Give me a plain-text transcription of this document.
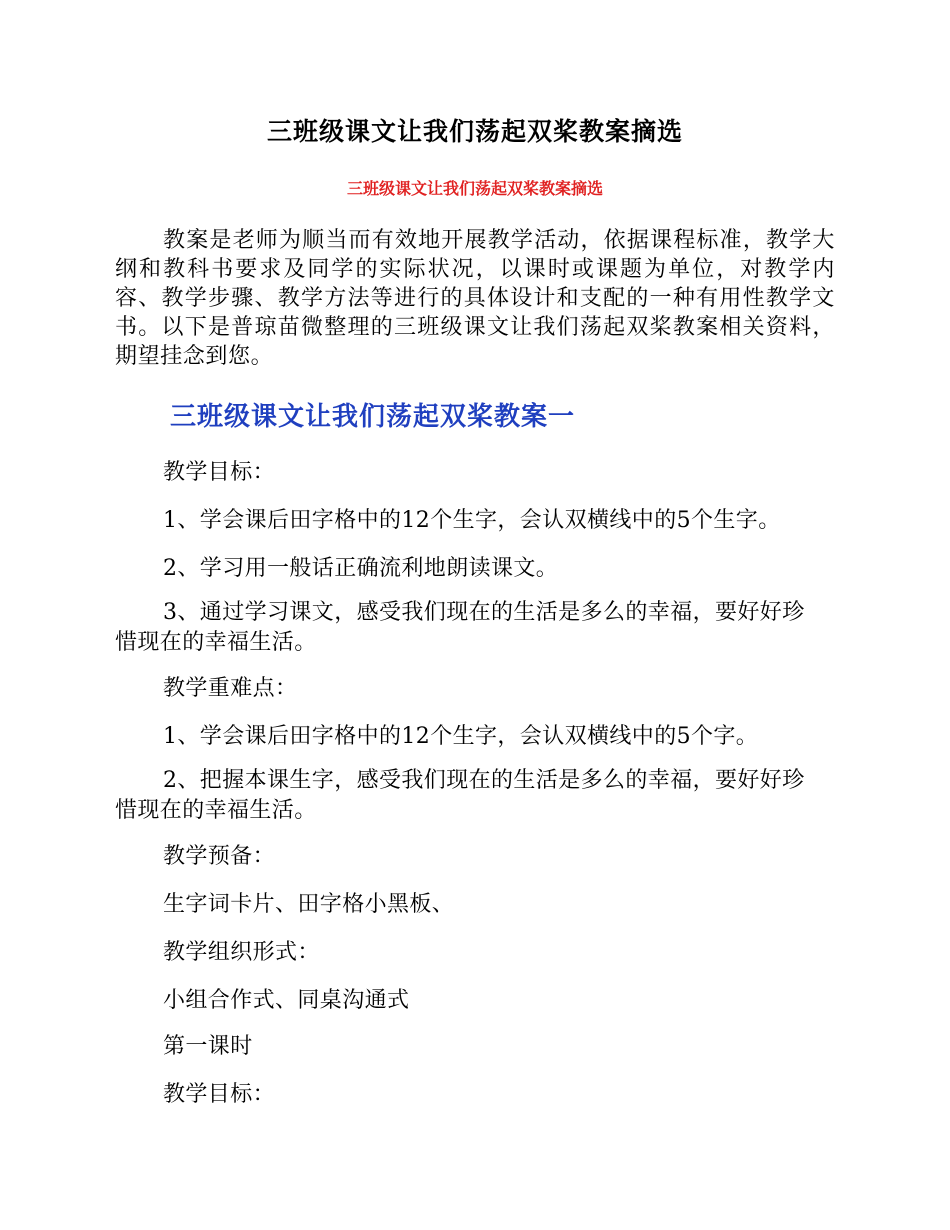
三班级课文让我们荡起双桨教案摘选
三班级课文让我们荡起双桨教案摘选

教案是老师为顺当而有效地开展教学活动，依据课程标准，教学大纲和教科书要求及同学的实际状况，以课时或课题为单位，对教学内容、教学步骤、教学方法等进行的具体设计和支配的一种有用性教学文书。以下是普琼苗微整理的三班级课文让我们荡起双桨教案相关资料，期望挂念到您。

三班级课文让我们荡起双桨教案一

教学目标：

1、学会课后田字格中的12个生字，会认双横线中的5个生字。

2、学习用一般话正确流利地朗读课文。

3、通过学习课文，感受我们现在的生活是多么的幸福，要好好珍惜现在的幸福生活。

教学重难点：

1、学会课后田字格中的12个生字，会认双横线中的5个字。

2、把握本课生字，感受我们现在的生活是多么的幸福，要好好珍惜现在的幸福生活。

教学预备：

生字词卡片、田字格小黑板、

教学组织形式：

小组合作式、同桌沟通式

第一课时

教学目标：
